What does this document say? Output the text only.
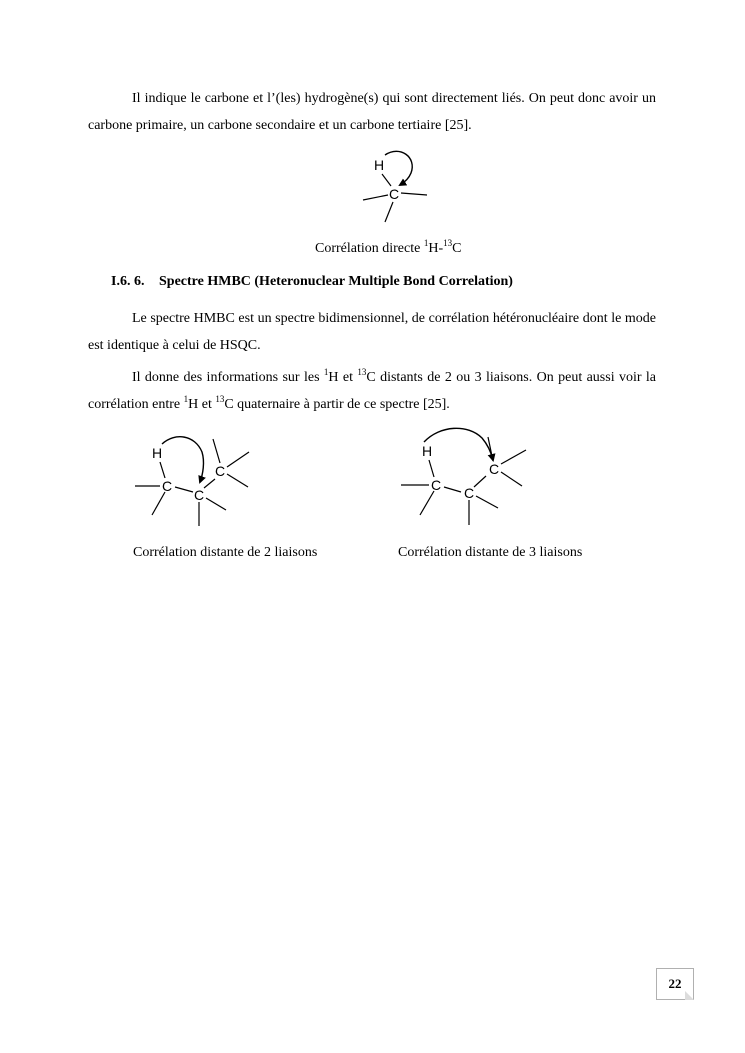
Il indique le carbone et l’(les) hydrogène(s) qui sont directement liés. On peut donc avoir un carbone primaire, un carbone secondaire et un carbone tertiaire [25].

H
C
Corrélation directe $^1$H-$^{13}$C
I.6. 6. Spectre HMBC (Heteronuclear Multiple Bond Correlation)

Le spectre HMBC est un spectre bidimensionnel, de corrélation hétéronucléaire dont le mode est identique à celui de HSQC.

Il donne des informations sur les $^1$H et $^{13}$C distants de 2 ou 3 liaisons. On peut aussi voir la corrélation entre $^1$H et $^{13}$C quaternaire à partir de ce spectre [25].

H
C
C
C
Corrélation distante de 2 liaisons
H
C C
C
Corrélation distante de 3 liaisons
22
